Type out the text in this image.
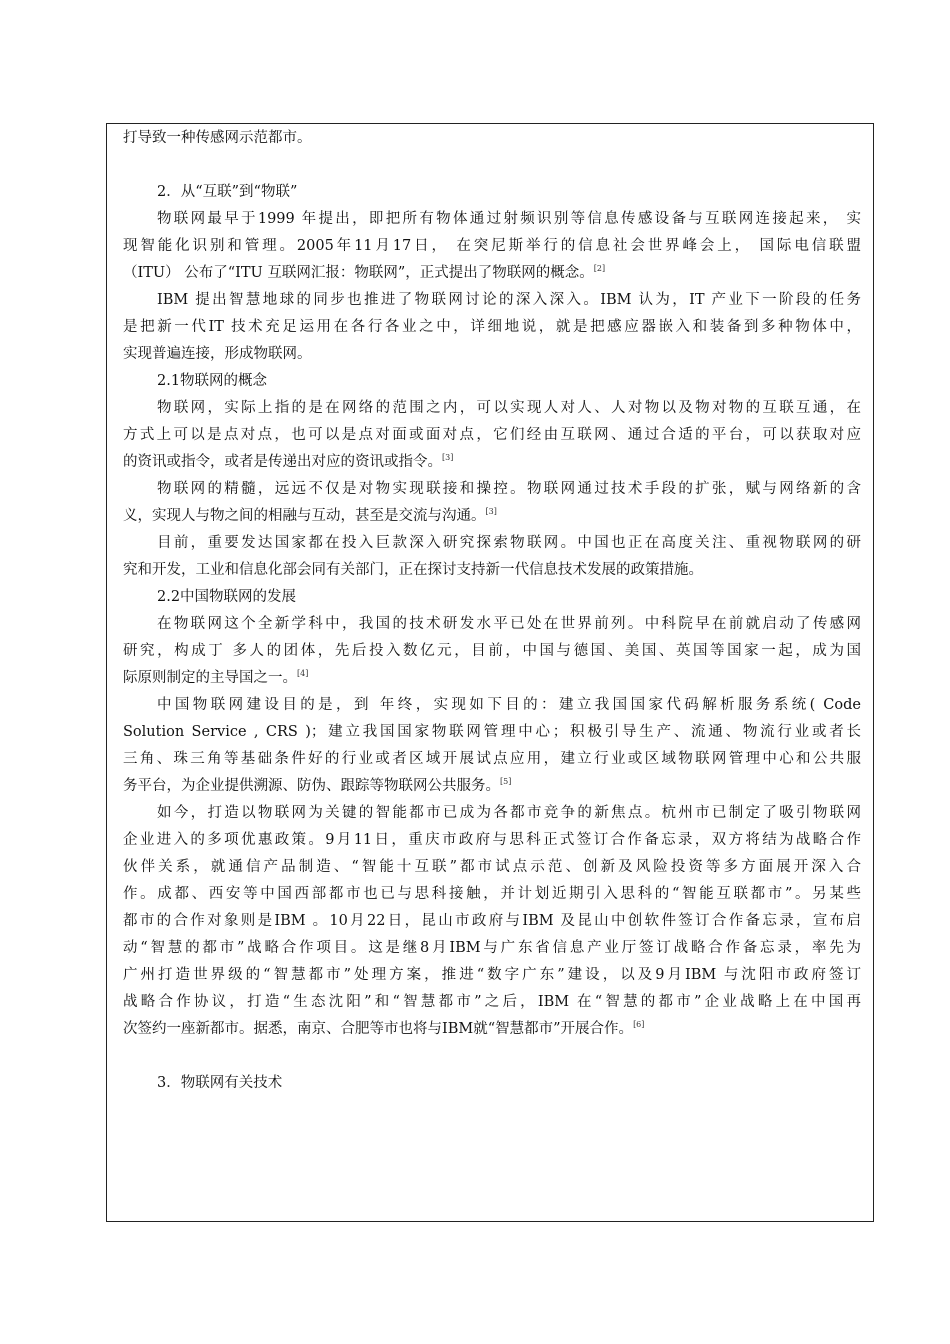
打导致一种传感网示范都市。
2．从“互联”到“物联”
物联网最早于1999 年提出，即把所有物体通过射频识别等信息传感设备与互联网连接起来， 实
现智能化识别和管理。2005年11月17日， 在突尼斯举行的信息社会世界峰会上， 国际电信联盟
（ITU） 公布了“ITU 互联网汇报：物联网”，正式提出了物联网的概念。[2]
IBM 提出智慧地球的同步也推进了物联网讨论的深入深入。IBM 认为，IT 产业下一阶段的任务
是把新一代IT 技术充足运用在各行各业之中，详细地说，就是把感应器嵌入和装备到多种物体中，
实现普遍连接，形成物联网。
2.1物联网的概念
物联网，实际上指的是在网络的范围之内，可以实现人对人、人对物以及物对物的互联互通，在
方式上可以是点对点，也可以是点对面或面对点，它们经由互联网、通过合适的平台，可以获取对应
的资讯或指令，或者是传递出对应的资讯或指令。[3]
物联网的精髓，远远不仅是对物实现联接和操控。物联网通过技术手段的扩张，赋与网络新的含
义，实现人与物之间的相融与互动，甚至是交流与沟通。[3]
目前，重要发达国家都在投入巨款深入研究探索物联网。中国也正在高度关注、重视物联网的研
究和开发，工业和信息化部会同有关部门，正在探讨支持新一代信息技术发展的政策措施。
2.2中国物联网的发展
在物联网这个全新学科中，我国的技术研发水平已处在世界前列。中科院早在前就启动了传感网
研究，构成丁 多人的团体，先后投入数亿元，目前，中国与德国、美国、英国等国家一起，成为国
际原则制定的主导国之一。[4]
中国物联网建设目的是，到 年终，实现如下目的：建立我国国家代码解析服务系统( Code
Solution Service , CRS )；建立我国国家物联网管理中心；积极引导生产、流通、物流行业或者长
三角、珠三角等基础条件好的行业或者区域开展试点应用，建立行业或区域物联网管理中心和公共服
务平台，为企业提供溯源、防伪、跟踪等物联网公共服务。[5]
如今，打造以物联网为关键的智能都市已成为各都市竞争的新焦点。杭州市已制定了吸引物联网
企业进入的多项优惠政策。9月11日，重庆市政府与思科正式签订合作备忘录，双方将结为战略合作
伙伴关系，就通信产品制造、“智能十互联”都市试点示范、创新及风险投资等多方面展开深入合
作。成都、西安等中国西部都市也已与思科接触，并计划近期引入思科的“智能互联都市”。另某些
都市的合作对象则是IBM 。10月22日，昆山市政府与IBM 及昆山中创软件签订合作备忘录，宣布启
动“智慧的都市”战略合作项目。这是继8月IBM与广东省信息产业厅签订战略合作备忘录，率先为
广州打造世界级的“智慧都市”处理方案，推进“数字广东”建设，以及9月IBM 与沈阳市政府签订
战略合作协议，打造“生态沈阳”和“智慧都市”之后，IBM 在“智慧的都市”企业战略上在中国再
次签约一座新都市。据悉，南京、合肥等市也将与IBM就“智慧都市”开展合作。[6]
3．物联网有关技术
